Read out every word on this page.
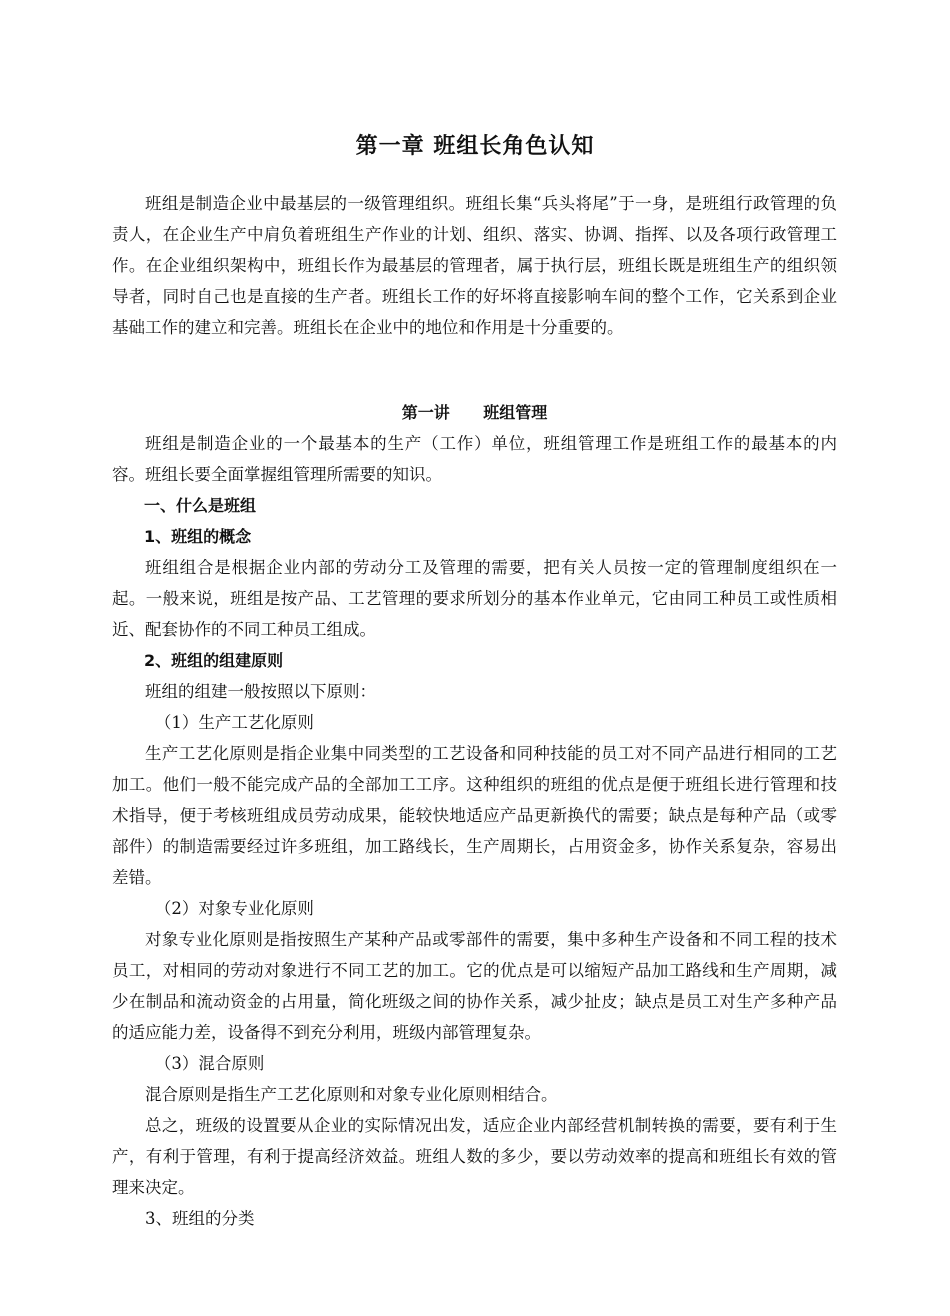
第一章 班组长角色认知

班组是制造企业中最基层的一级管理组织。班组长集“兵头将尾”于一身，是班组行政管理的负责人，在企业生产中肩负着班组生产作业的计划、组织、落实、协调、指挥、以及各项行政管理工作。在企业组织架构中，班组长作为最基层的管理者，属于执行层，班组长既是班组生产的组织领导者，同时自己也是直接的生产者。班组长工作的好坏将直接影响车间的整个工作，它关系到企业基础工作的建立和完善。班组长在企业中的地位和作用是十分重要的。

第一讲      班组管理

班组是制造企业的一个最基本的生产（工作）单位，班组管理工作是班组工作的最基本的内容。班组长要全面掌握组管理所需要的知识。

一、什么是班组

1、班组的概念

班组组合是根据企业内部的劳动分工及管理的需要，把有关人员按一定的管理制度组织在一起。一般来说，班组是按产品、工艺管理的要求所划分的基本作业单元，它由同工种员工或性质相近、配套协作的不同工种员工组成。

2、班组的组建原则

班组的组建一般按照以下原则：

（1）生产工艺化原则

生产工艺化原则是指企业集中同类型的工艺设备和同种技能的员工对不同产品进行相同的工艺加工。他们一般不能完成产品的全部加工工序。这种组织的班组的优点是便于班组长进行管理和技术指导，便于考核班组成员劳动成果，能较快地适应产品更新换代的需要；缺点是每种产品（或零部件）的制造需要经过许多班组，加工路线长，生产周期长，占用资金多，协作关系复杂，容易出差错。

（2）对象专业化原则

对象专业化原则是指按照生产某种产品或零部件的需要，集中多种生产设备和不同工程的技术员工，对相同的劳动对象进行不同工艺的加工。它的优点是可以缩短产品加工路线和生产周期，减少在制品和流动资金的占用量，简化班级之间的协作关系，减少扯皮；缺点是员工对生产多种产品的适应能力差，设备得不到充分利用，班级内部管理复杂。

（3）混合原则

混合原则是指生产工艺化原则和对象专业化原则相结合。

总之，班级的设置要从企业的实际情况出发，适应企业内部经营机制转换的需要，要有利于生产，有利于管理，有利于提高经济效益。班组人数的多少，要以劳动效率的提高和班组长有效的管理来决定。

3、班组的分类
